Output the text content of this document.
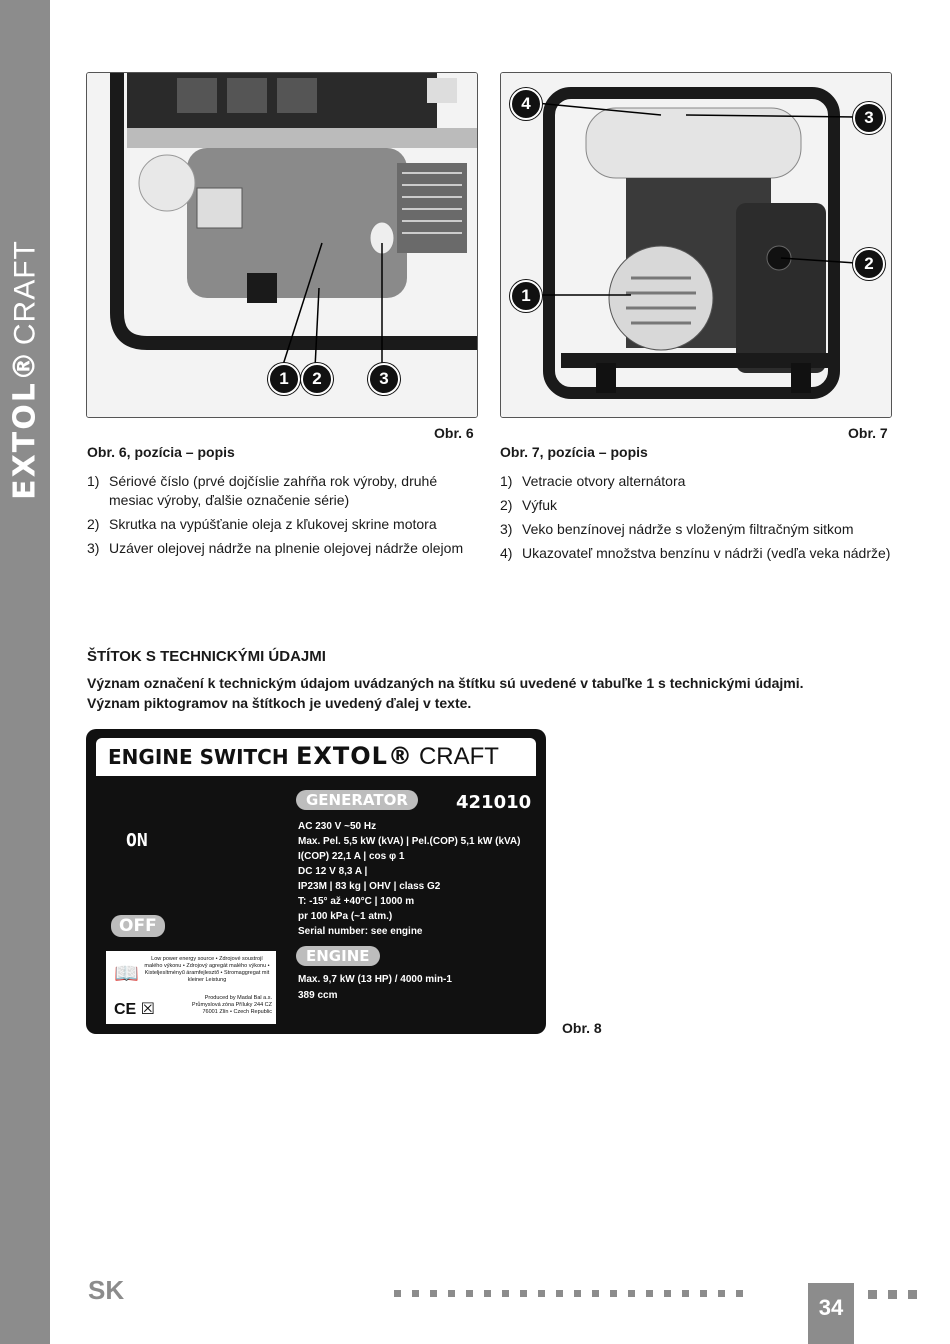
EXTOL®CRAFT
1	2	3
Obr. 6
4
3
2
1
Obr. 7
Obr. 6, pozícia – popis
1) Sériové číslo (prvé dojčíslie zahŕňa rok výroby, druhé mesiac výroby, ďalšie označenie série)
2) Skrutka na vypúšťanie oleja z kľukovej skrine motora
3) Uzáver olejovej nádrže na plnenie olejovej nádrže olejom
Obr. 7, pozícia – popis
1) Vetracie otvory alternátora
2) Výfuk
3) Veko benzínovej nádrže s vloženým filtračným sitkom
4) Ukazovateľ množstva benzínu v nádrži (vedľa veka nádrže)
ŠTÍTOK S TECHNICKÝMI ÚDAJMI
Význam označení k technickým údajom uvádzaných na štítku sú uvedené v tabuľke 1 s technickými údajmi.
Význam piktogramov na štítkoch je uvedený ďalej v texte.
ENGINE SWITCH EXTOL® CRAFT
ON
OFF
📖
Low power energy source • Zdrojové soustrojí malého výkonu • Zdrojový agregát malého výkonu • Kisteljesítményű áramfejlesztő • Stromaggregat mit kleiner Leistung
CE ☒
Produced by Madal Bal a.s. Průmyslová zóna Příluky 244 CZ 76001 Zlín • Czech Republic
GENERATOR	421010
AC 230 V ~50 Hz
Max. Pel. 5,5 kW (kVA) | Pel.(COP) 5,1 kW (kVA)
I(COP) 22,1 A | cos φ 1
DC 12 V 8,3 A |
IP23M | 83 kg | OHV | class G2
T: -15° až +40°C | 1000 m
pr 100 kPa (~1 atm.)
Serial number: see engine
ENGINE
Max. 9,7 kW (13 HP) / 4000 min-1
389 ccm
Obr. 8
SK
34
